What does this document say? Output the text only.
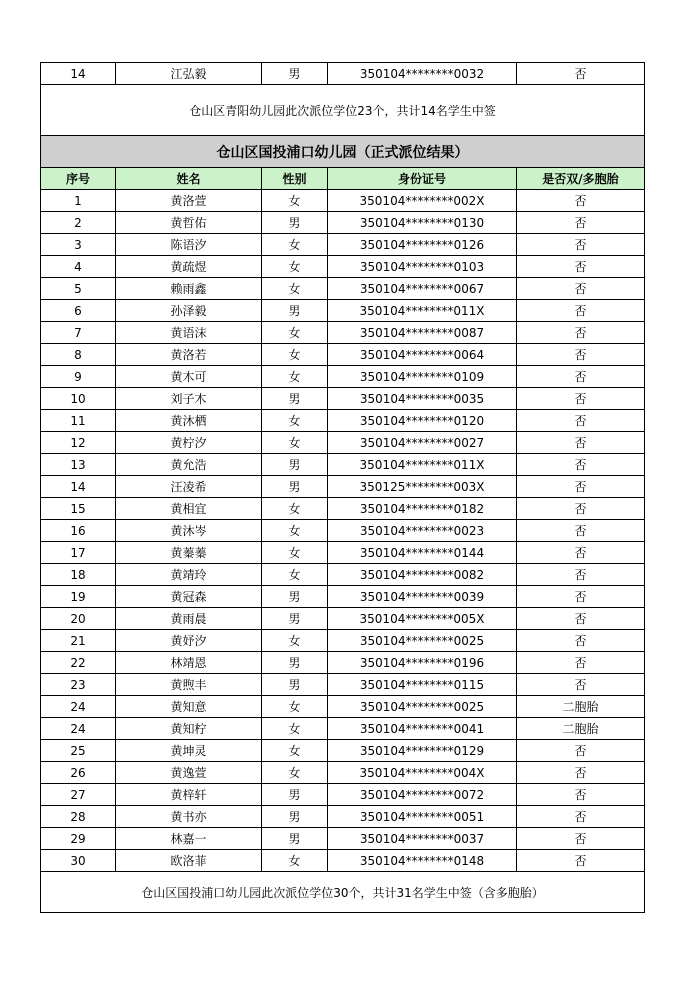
14	江弘毅	男	350104********0032	否
仓山区青阳幼儿园此次派位学位23个，共计14名学生中签				
仓山区国投浦口幼儿园（正式派位结果）				
序号	姓名	性别	身份证号	是否双/多胞胎
1	黄洛萱	女	350104********002X	否
2	黄哲佑	男	350104********0130	否
3	陈语汐	女	350104********0126	否
4	黄疏煜	女	350104********0103	否
5	赖雨鑫	女	350104********0067	否
6	孙泽毅	男	350104********011X	否
7	黄语沫	女	350104********0087	否
8	黄洛若	女	350104********0064	否
9	黄木可	女	350104********0109	否
10	刘子木	男	350104********0035	否
11	黄沐栖	女	350104********0120	否
12	黄柠汐	女	350104********0027	否
13	黄允浩	男	350104********011X	否
14	汪凌希	男	350125********003X	否
15	黄相宜	女	350104********0182	否
16	黄沐岑	女	350104********0023	否
17	黄蓁蓁	女	350104********0144	否
18	黄靖玲	女	350104********0082	否
19	黄冠森	男	350104********0039	否
20	黄雨晨	男	350104********005X	否
21	黄妤汐	女	350104********0025	否
22	林靖恩	男	350104********0196	否
23	黄煦丰	男	350104********0115	否
24	黄知意	女	350104********0025	二胞胎
24	黄知柠	女	350104********0041	二胞胎
25	黄坤灵	女	350104********0129	否
26	黄逸萱	女	350104********004X	否
27	黄梓轩	男	350104********0072	否
28	黄书亦	男	350104********0051	否
29	林嘉一	男	350104********0037	否
30	欧洛菲	女	350104********0148	否
仓山区国投浦口幼儿园此次派位学位30个，共计31名学生中签（含多胞胎）				
